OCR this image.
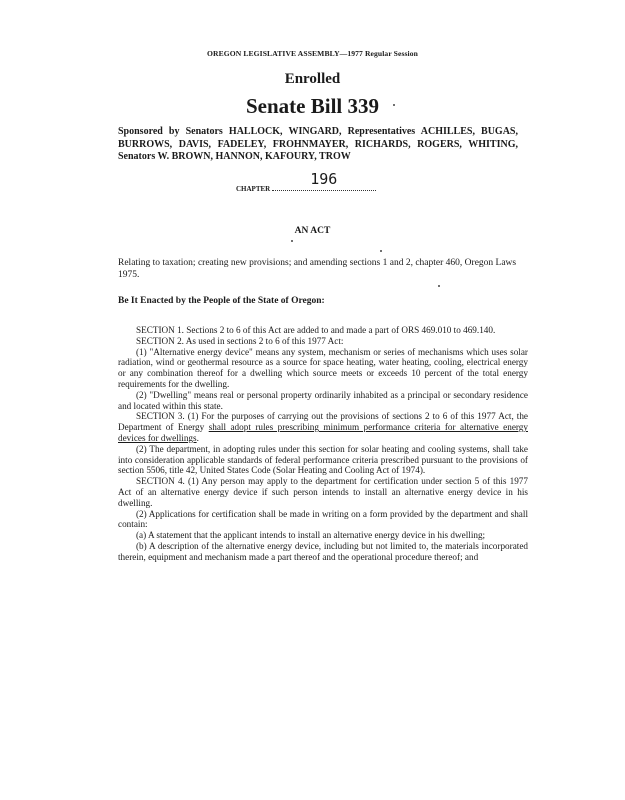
OREGON LEGISLATIVE ASSEMBLY—1977 Regular Session
Enrolled
Senate Bill 339
Sponsored by Senators HALLOCK, WINGARD, Representatives ACHILLES, BUGAS, BURROWS, DAVIS, FADELEY, FROHNMAYER, RICHARDS, ROGERS, WHITING, Senators W. BROWN, HANNON, KAFOURY, TROW
CHAPTER
196
AN ACT
Relating to taxation; creating new provisions; and amending sections 1 and 2, chapter 460, Oregon Laws 1975.
Be It Enacted by the People of the State of Oregon:

SECTION 1. Sections 2 to 6 of this Act are added to and made a part of ORS 469.010 to 469.140.

SECTION 2. As used in sections 2 to 6 of this 1977 Act:

(1) "Alternative energy device" means any system, mechanism or series of mechanisms which uses solar radiation, wind or geothermal resource as a source for space heating, water heating, cooling, electrical energy or any combination thereof for a dwelling which source meets or exceeds 10 percent of the total energy requirements for the dwelling.

(2) "Dwelling" means real or personal property ordinarily inhabited as a principal or secondary residence and located within this state.

SECTION 3. (1) For the purposes of carrying out the provisions of sections 2 to 6 of this 1977 Act, the Department of Energy shall adopt rules prescribing minimum performance criteria for alternative energy devices for dwellings.

(2) The department, in adopting rules under this section for solar heating and cooling systems, shall take into consideration applicable standards of federal performance criteria prescribed pursuant to the provisions of section 5506, title 42, United States Code (Solar Heating and Cooling Act of 1974).

SECTION 4. (1) Any person may apply to the department for certification under section 5 of this 1977 Act of an alternative energy device if such person intends to install an alternative energy device in his dwelling.

(2) Applications for certification shall be made in writing on a form provided by the department and shall contain:

(a) A statement that the applicant intends to install an alternative energy device in his dwelling;

(b) A description of the alternative energy device, including but not limited to, the materials incorporated therein, equipment and mechanism made a part thereof and the operational procedure thereof; and
